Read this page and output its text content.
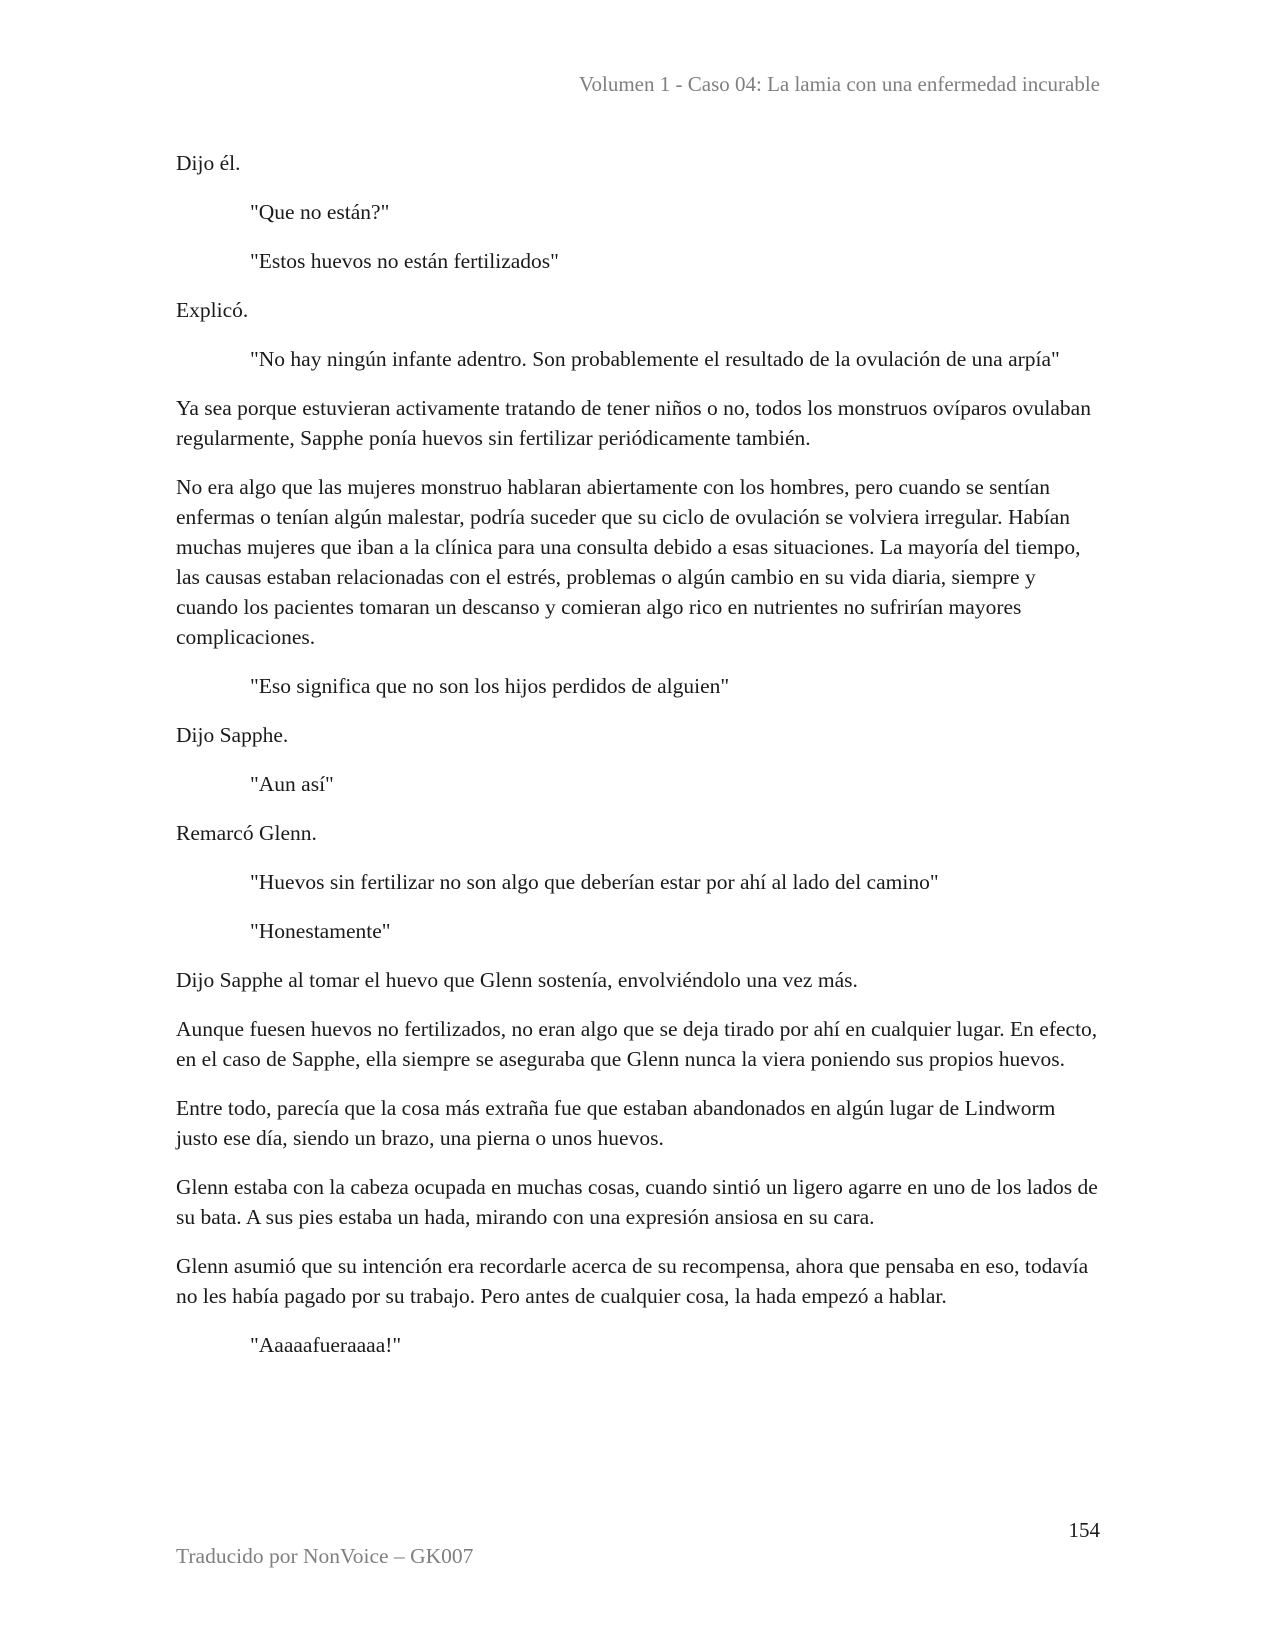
Volumen 1 - Caso 04: La lamia con una enfermedad incurable

Dijo él.

"Que no están?"

"Estos huevos no están fertilizados"

Explicó.

"No hay ningún infante adentro. Son probablemente el resultado de la ovulación de una arpía"

Ya sea porque estuvieran activamente tratando de tener niños o no, todos los monstruos ovíparos ovulaban regularmente, Sapphe ponía huevos sin fertilizar periódicamente también.

No era algo que las mujeres monstruo hablaran abiertamente con los hombres, pero cuando se sentían enfermas o tenían algún malestar, podría suceder que su ciclo de ovulación se volviera irregular. Habían muchas mujeres que iban a la clínica para una consulta debido a esas situaciones. La mayoría del tiempo, las causas estaban relacionadas con el estrés, problemas o algún cambio en su vida diaria, siempre y cuando los pacientes tomaran un descanso y comieran algo rico en nutrientes no sufrirían mayores complicaciones.

"Eso significa que no son los hijos perdidos de alguien"

Dijo Sapphe.

"Aun así"

Remarcó Glenn.

"Huevos sin fertilizar no son algo que deberían estar por ahí al lado del camino"

"Honestamente"

Dijo Sapphe al tomar el huevo que Glenn sostenía, envolviéndolo una vez más.

Aunque fuesen huevos no fertilizados, no eran algo que se deja tirado por ahí en cualquier lugar. En efecto, en el caso de Sapphe, ella siempre se aseguraba que Glenn nunca la viera poniendo sus propios huevos.

Entre todo, parecía que la cosa más extraña fue que estaban abandonados en algún lugar de Lindworm justo ese día, siendo un brazo, una pierna o unos huevos.

Glenn estaba con la cabeza ocupada en muchas cosas, cuando sintió un ligero agarre en uno de los lados de su bata. A sus pies estaba un hada, mirando con una expresión ansiosa en su cara.

Glenn asumió que su intención era recordarle acerca de su recompensa, ahora que pensaba en eso, todavía no les había pagado por su trabajo. Pero antes de cualquier cosa, la hada empezó a hablar.

"Aaaaafueraaaa!"

154
Traducido por NonVoice – GK007
